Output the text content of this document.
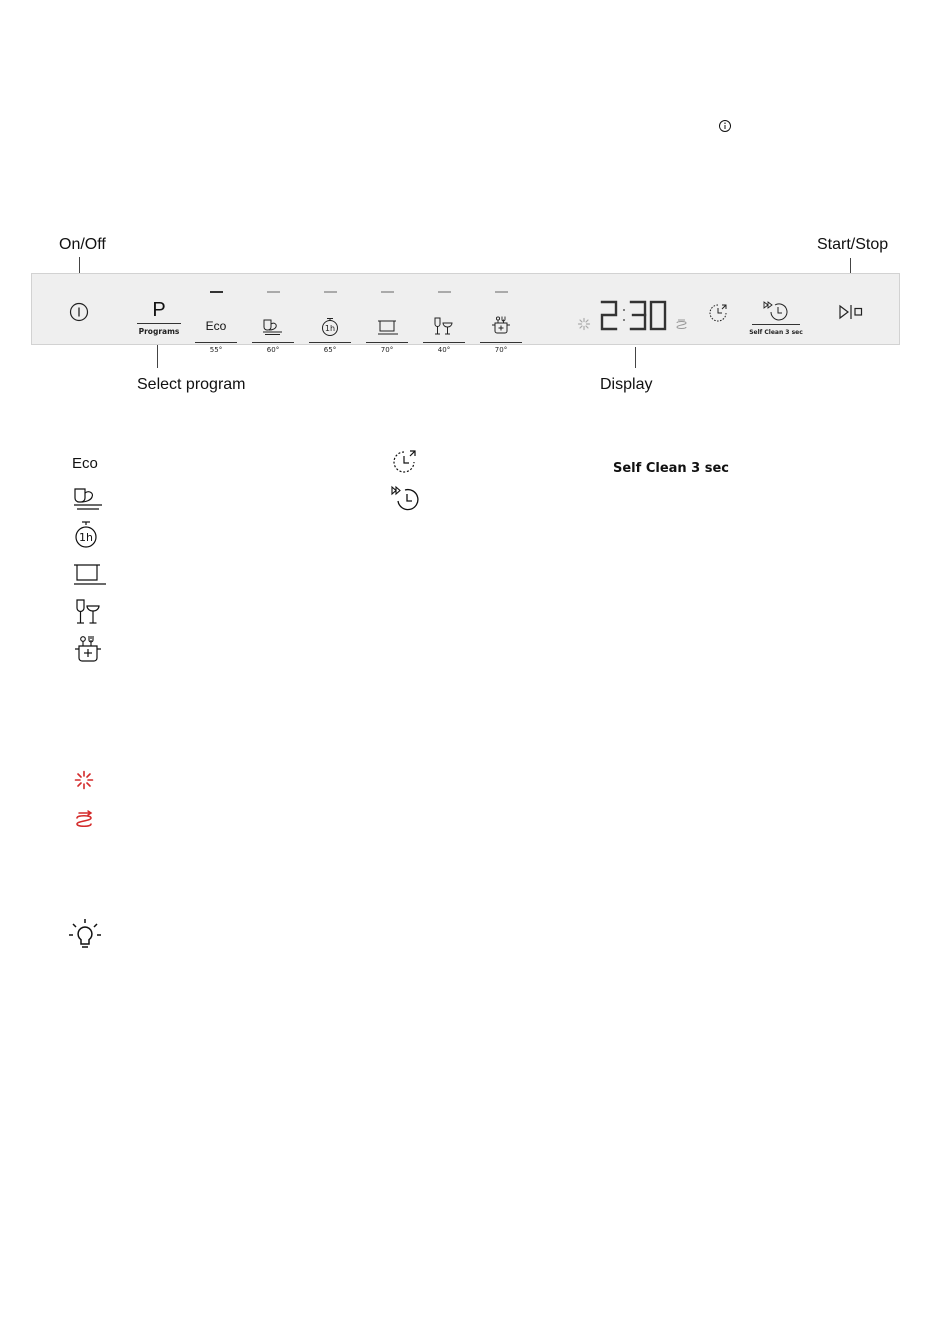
On/Off	Start/Stop
Select program	Display
P
Programs	Eco
55°	60°
1h
65°	70°	40°	70°
Self Clean 3 sec
Eco
1h
Self Clean 3 sec
